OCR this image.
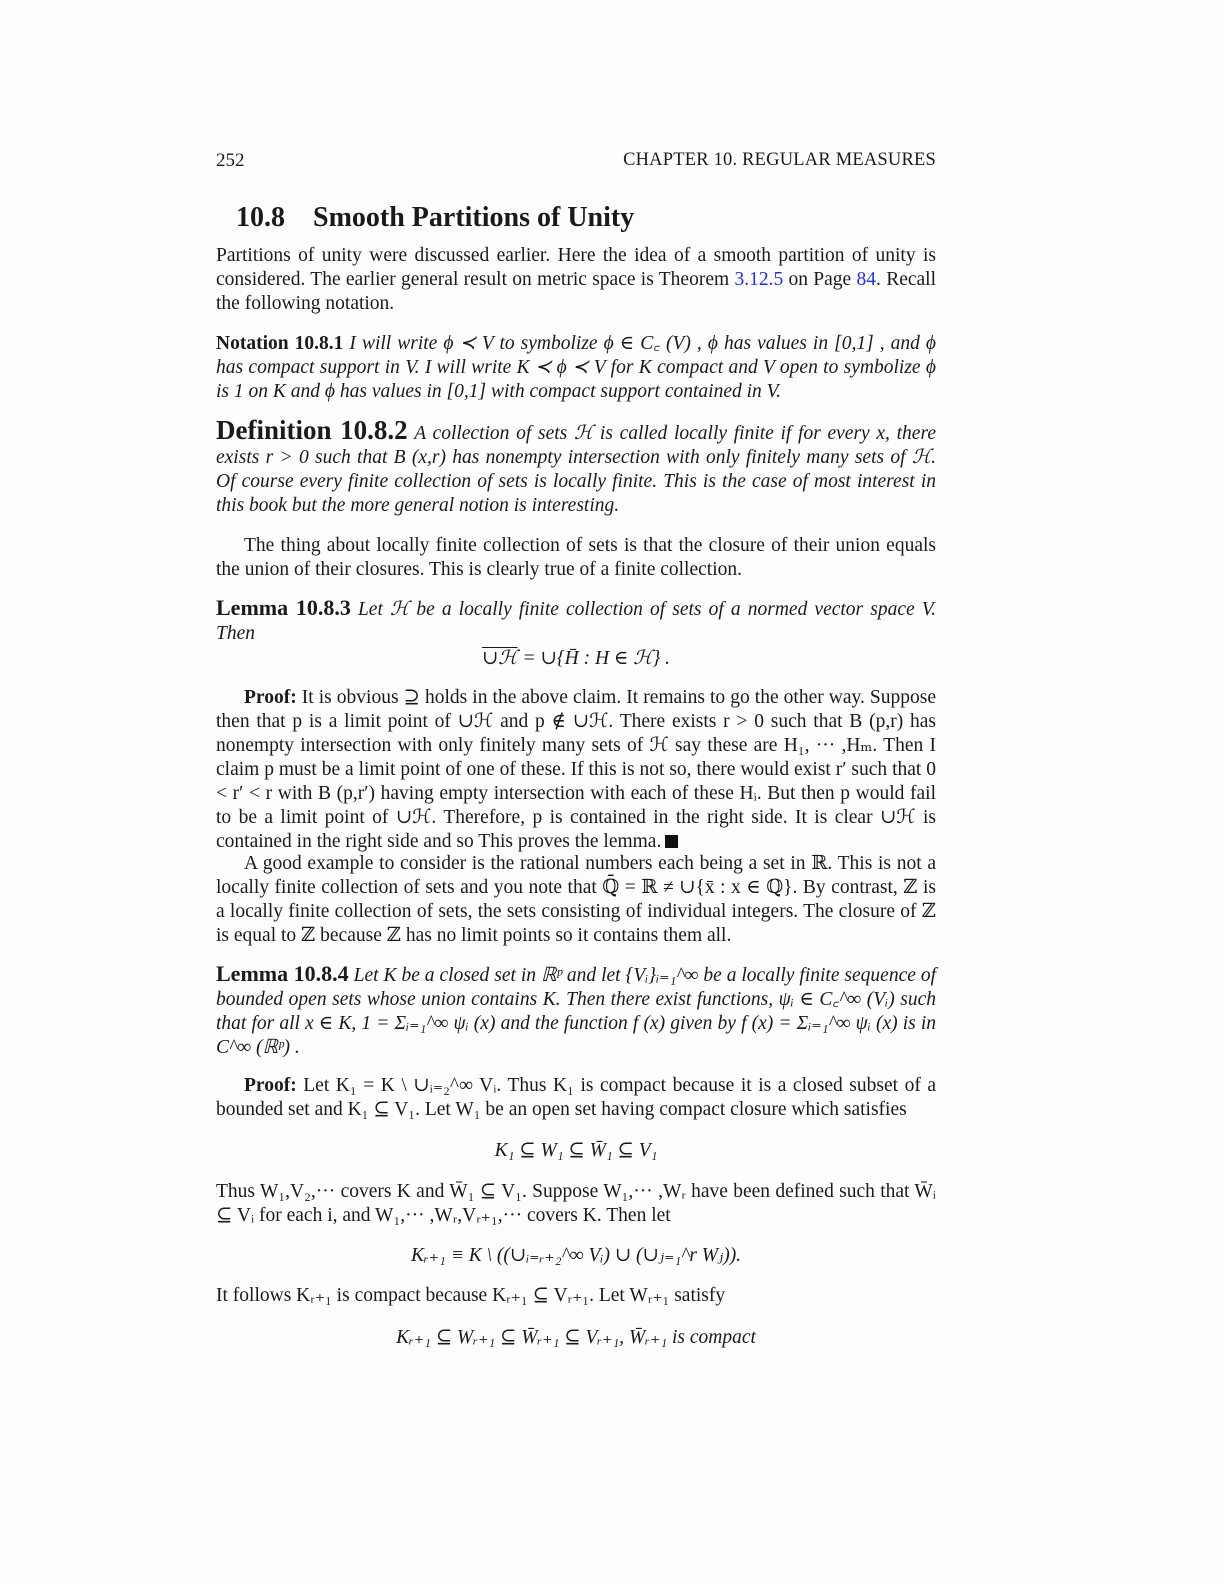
252	CHAPTER 10. REGULAR MEASURES
10.8 Smooth Partitions of Unity
Partitions of unity were discussed earlier. Here the idea of a smooth partition of unity is considered. The earlier general result on metric space is Theorem 3.12.5 on Page 84. Recall the following notation.
Notation 10.8.1 I will write ϕ ≺ V to symbolize ϕ ∈ C꜀ (V) , ϕ has values in [0,1] , and ϕ has compact support in V. I will write K ≺ ϕ ≺ V for K compact and V open to symbolize ϕ is 1 on K and ϕ has values in [0,1] with compact support contained in V.
Definition 10.8.2 A collection of sets ℋ is called locally finite if for every x, there exists r > 0 such that B (x,r) has nonempty intersection with only finitely many sets of ℋ. Of course every finite collection of sets is locally finite. This is the case of most interest in this book but the more general notion is interesting.
The thing about locally finite collection of sets is that the closure of their union equals the union of their closures. This is clearly true of a finite collection.
Lemma 10.8.3 Let ℋ be a locally finite collection of sets of a normed vector space V. Then
∪ℋ = ∪{H̄ : H ∈ ℋ} .
Proof: It is obvious ⊇ holds in the above claim. It remains to go the other way. Suppose then that p is a limit point of ∪ℋ and p ∉ ∪ℋ. There exists r > 0 such that B (p,r) has nonempty intersection with only finitely many sets of ℋ say these are H₁, ··· ,Hₘ. Then I claim p must be a limit point of one of these. If this is not so, there would exist r′ such that 0 < r′ < r with B (p,r′) having empty intersection with each of these Hᵢ. But then p would fail to be a limit point of ∪ℋ. Therefore, p is contained in the right side. It is clear ∪ℋ is contained in the right side and so This proves the lemma.
A good example to consider is the rational numbers each being a set in ℝ. This is not a locally finite collection of sets and you note that ℚ̄ = ℝ ≠ ∪{x̄ : x ∈ ℚ}. By contrast, ℤ is a locally finite collection of sets, the sets consisting of individual integers. The closure of ℤ is equal to ℤ because ℤ has no limit points so it contains them all.
Lemma 10.8.4 Let K be a closed set in ℝᵖ and let {Vᵢ}ᵢ₌₁^∞ be a locally finite sequence of bounded open sets whose union contains K. Then there exist functions, ψᵢ ∈ C꜀^∞ (Vᵢ) such that for all x ∈ K, 1 = Σᵢ₌₁^∞ ψᵢ (x) and the function f (x) given by f (x) = Σᵢ₌₁^∞ ψᵢ (x) is in C^∞ (ℝᵖ) .
Proof: Let K₁ = K \ ∪ᵢ₌₂^∞ Vᵢ. Thus K₁ is compact because it is a closed subset of a bounded set and K₁ ⊆ V₁. Let W₁ be an open set having compact closure which satisfies
K₁ ⊆ W₁ ⊆ W̄₁ ⊆ V₁
Thus W₁,V₂,··· covers K and W̄₁ ⊆ V₁. Suppose W₁,··· ,Wᵣ have been defined such that W̄ᵢ ⊆ Vᵢ for each i, and W₁,··· ,Wᵣ,Vᵣ₊₁,··· covers K. Then let
Kᵣ₊₁ ≡ K \ ((∪ᵢ₌ᵣ₊₂^∞ Vᵢ) ∪ (∪ⱼ₌₁^r Wⱼ)).
It follows Kᵣ₊₁ is compact because Kᵣ₊₁ ⊆ Vᵣ₊₁. Let Wᵣ₊₁ satisfy
Kᵣ₊₁ ⊆ Wᵣ₊₁ ⊆ W̄ᵣ₊₁ ⊆ Vᵣ₊₁, W̄ᵣ₊₁ is compact
